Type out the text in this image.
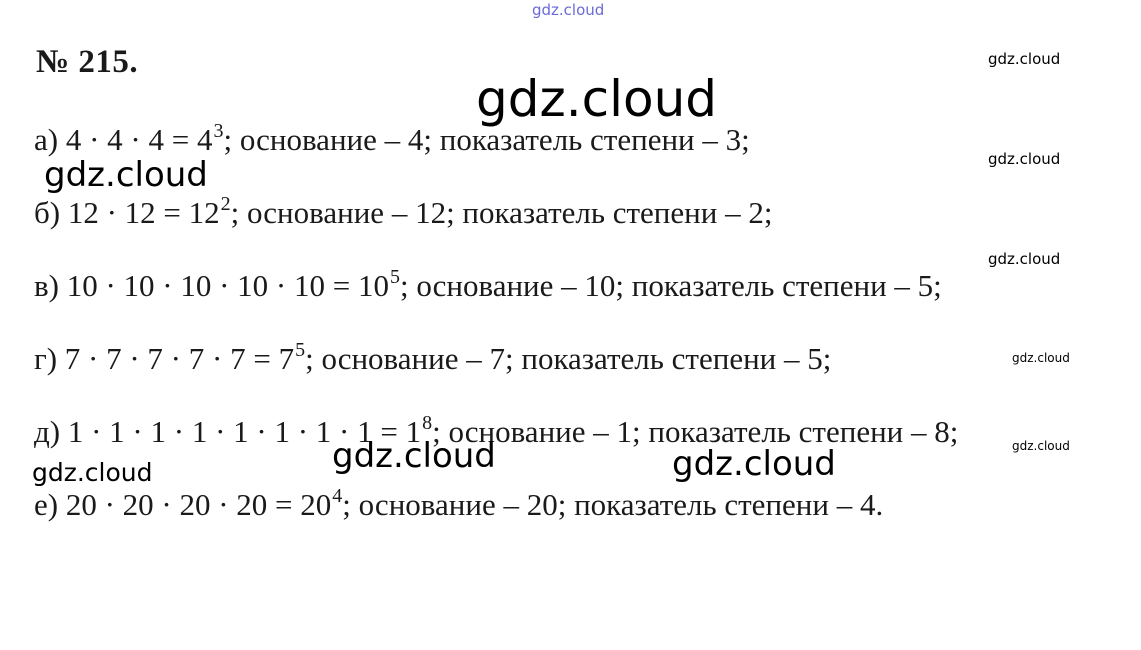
gdz.cloud
№ 215.
а) $4 \cdot 4 \cdot 4 = 4^3$; основание – 4; показатель степени – 3;
б) $12 \cdot 12 = 12^2$; основание – 12; показатель степени – 2;
в) $10 \cdot 10 \cdot 10 \cdot 10 \cdot 10 = 10^5$; основание – 10; показатель степени – 5;
г) $7 \cdot 7 \cdot 7 \cdot 7 \cdot 7 = 7^5$; основание – 7; показатель степени – 5;
д) $1 \cdot 1 \cdot 1 \cdot 1 \cdot 1 \cdot 1 \cdot 1 \cdot 1 = 1^8$; основание – 1; показатель степени – 8;
е) $20 \cdot 20 \cdot 20 \cdot 20 = 20^4$; основание – 20; показатель степени – 4.
gdz.cloud
gdz.cloud
gdz.cloud	gdz.cloud
gdz.cloud
gdz.cloud
gdz.cloud
gdz.cloud
gdz.cloud
gdz.cloud
